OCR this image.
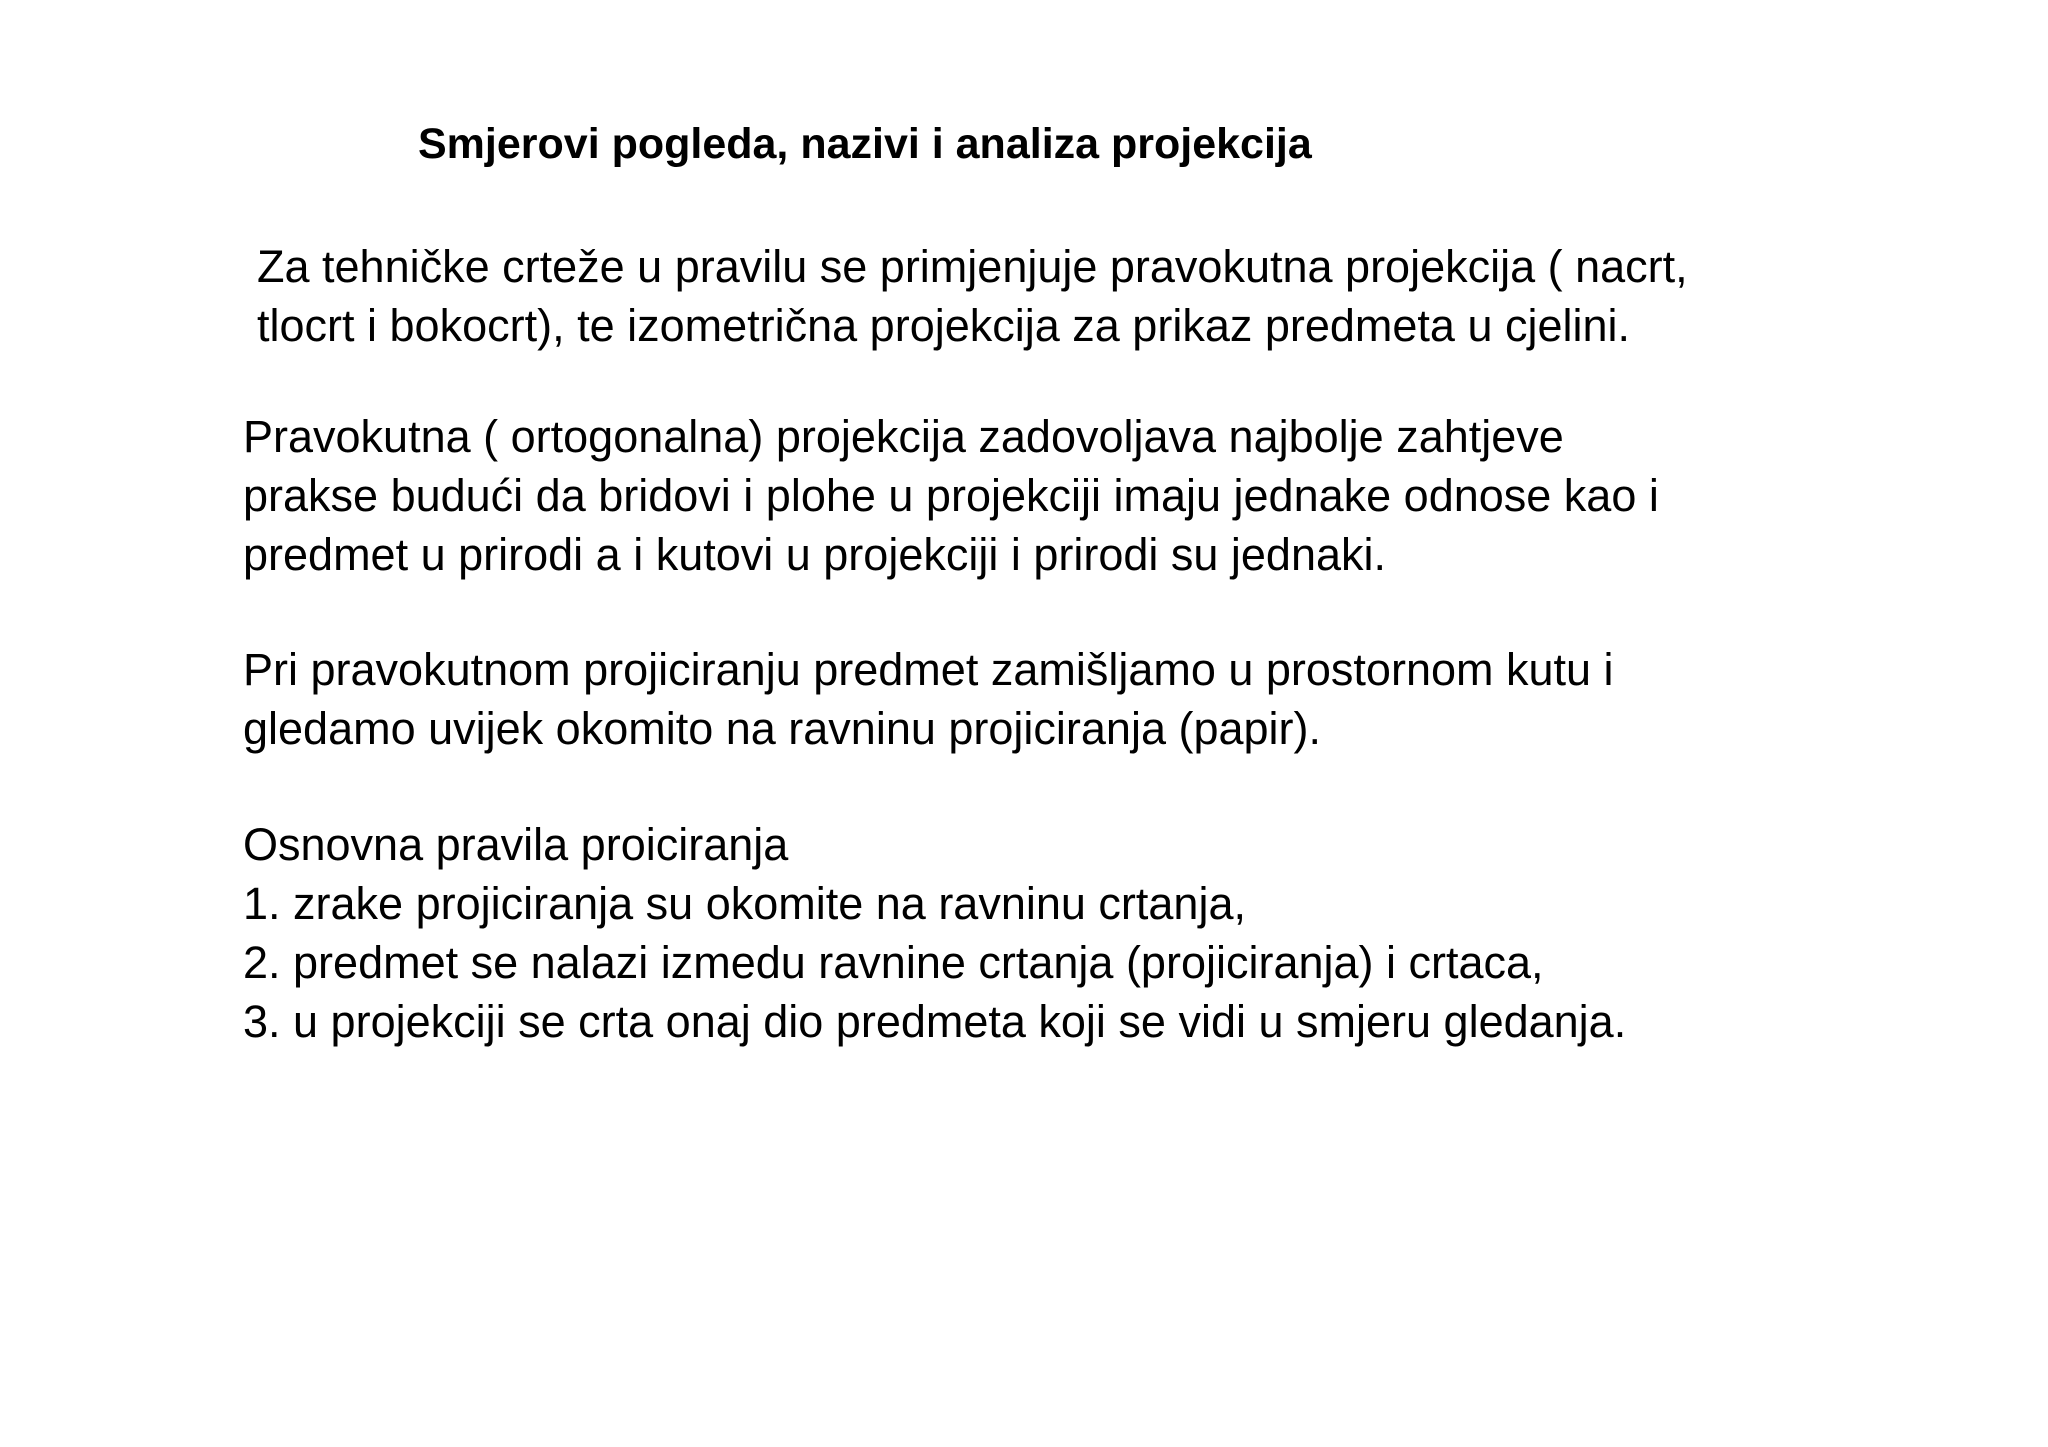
Smjerovi pogleda, nazivi i analiza projekcija

Za tehničke crteže u pravilu se primjenjuje pravokutna projekcija ( nacrt,
tlocrt i bokocrt), te izometrična projekcija za prikaz predmeta u cjelini.

Pravokutna ( ortogonalna) projekcija zadovoljava najbolje zahtjeve
prakse budući da bridovi i plohe u projekciji imaju jednake odnose kao i
predmet u prirodi a i kutovi u projekciji i prirodi su jednaki.

Pri pravokutnom projiciranju predmet zamišljamo u prostornom kutu i
gledamo uvijek okomito na ravninu projiciranja (papir).

Osnovna pravila proiciranja
1. zrake projiciranja su okomite na ravninu crtanja,
2. predmet se nalazi izmedu ravnine crtanja (projiciranja) i crtaca,
3. u projekciji se crta onaj dio predmeta koji se vidi u smjeru gledanja.
